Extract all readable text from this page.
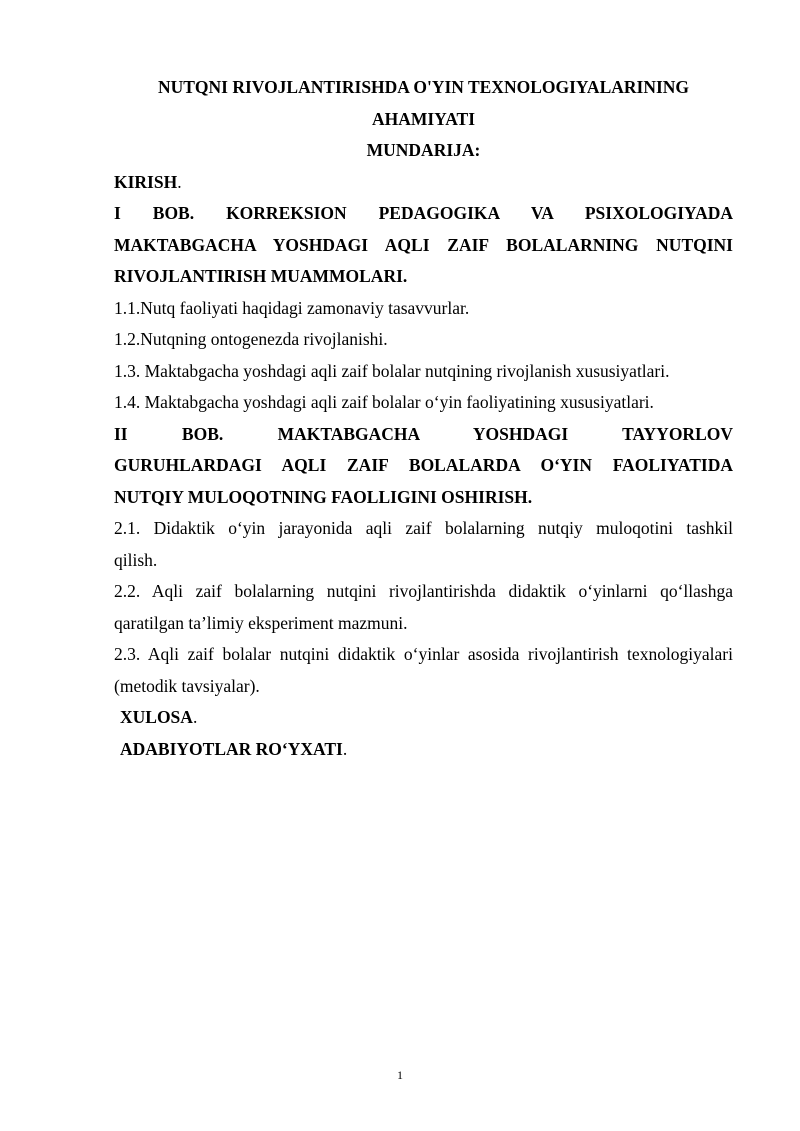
NUTQNI RIVOJLANTIRISHDA O'YIN TEXNOLOGIYALARINING
AHAMIYATI

MUNDARIJA:

KIRISH.

I BOB. KORREKSION PEDAGOGIKA VA PSIXOLOGIYADA
MAKTABGACHA YOSHDAGI AQLI ZAIF BOLALARNING NUTQINI
RIVOJLANTIRISH MUAMMOLARI.

1.1.Nutq faoliyati haqidagi zamonaviy tasavvurlar.

1.2.Nutqning ontogenezda rivojlanishi.

1.3. Maktabgacha yoshdagi aqli zaif bolalar nutqining rivojlanish xususiyatlari.

1.4. Maktabgacha yoshdagi aqli zaif bolalar o‘yin faoliyatining xususiyatlari.

II BOB. MAKTABGACHA YOSHDAGI TAYYORLOV
GURUHLARDAGI AQLI ZAIF BOLALARDA O‘YIN FAOLIYATIDA
NUTQIY MULOQOTNING FAOLLIGINI OSHIRISH.
2.1. Didaktik o‘yin jarayonida aqli zaif bolalarning nutqiy muloqotini tashkil
qilish.
2.2. Aqli zaif bolalarning nutqini rivojlantirishda didaktik o‘yinlarni qo‘llashga
qaratilgan ta’limiy eksperiment mazmuni.
2.3. Aqli zaif bolalar nutqini didaktik o‘yinlar asosida rivojlantirish texnologiyalari
(metodik tavsiyalar).

XULOSA.

ADABIYOTLAR RO‘YXATI.

1
